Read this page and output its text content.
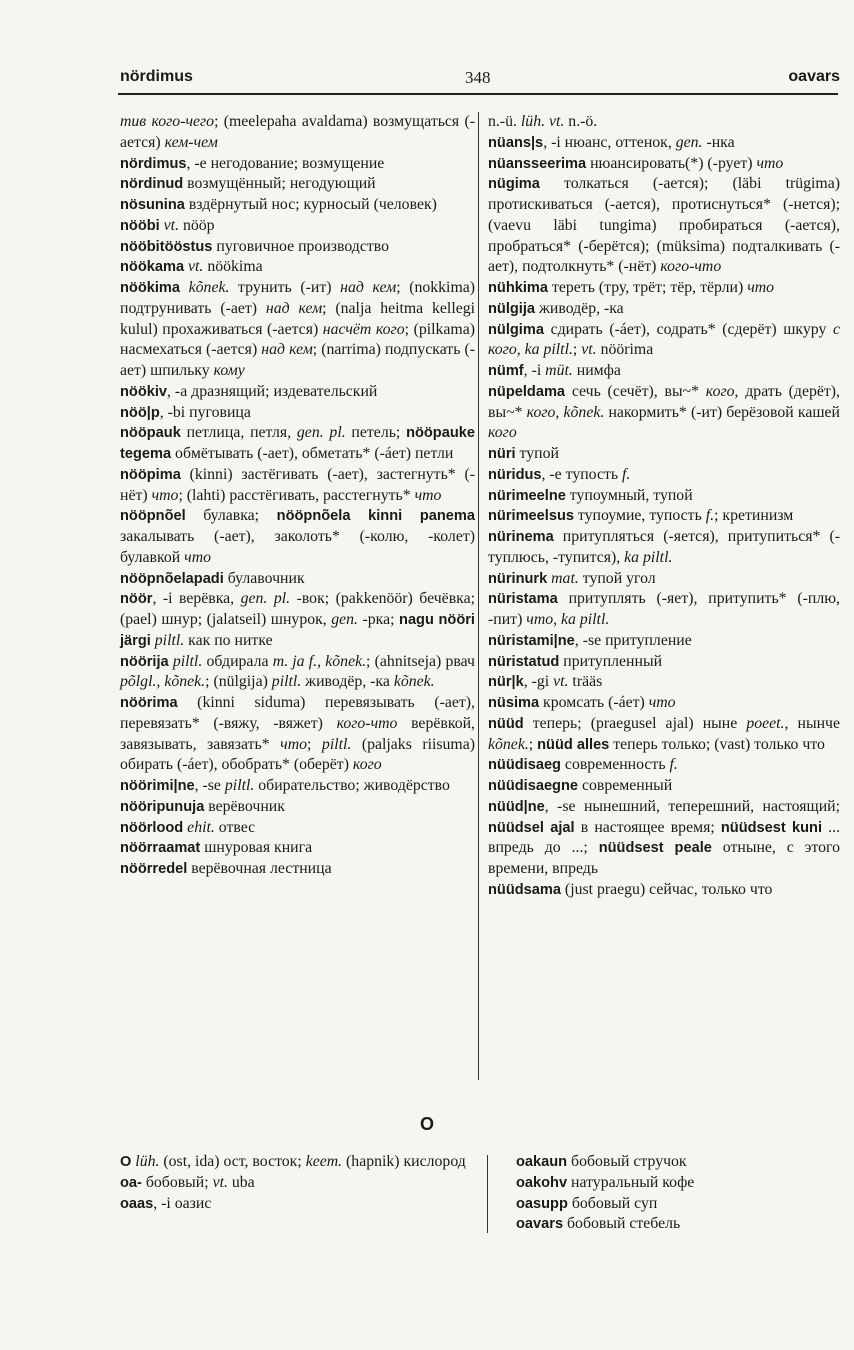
nördimus	348	oavars

тив кого-чего; (meelepaha avaldama) возмущаться (-ается) кем-чем

nördimus, -e негодование; возмущение

nördinud возмущённый; негодующий

nösunina вздёрнутый нос; курносый (человек)

nööbi vt. nööp

nööbitööstus пуговичное производство

nöökama vt. nöökima

nöökima kõnek. трунить (-ит) над кем; (nokkima) подтрунивать (-ает) над кем; (nalja heitma kellegi kulul) прохаживаться (-ается) насчёт кого; (pilkama) насмехаться (-ается) над кем; (narrima) подпускать (-ает) шпильку кому

nöökiv, -a дразнящий; издевательский

nöö|p, -bi пуговица

nööpauk петлица, петля, gen. pl. петель; nööpauke tegema обмётывать (-ает), обметать* (-áет) петли

nööpima (kinni) застёгивать (-ает), застегнуть* (-нёт) что; (lahti) расстёгивать, расстегнуть* что

nööpnõel булавка; nööpnõela kinni panema закалывать (-ает), заколоть* (-колю, -колет) булавкой что

nööpnõelapadi булавочник

nöör, -i верёвка, gen. pl. -вок; (pakkenöör) бечёвка; (pael) шнур; (jalatseil) шнурок, gen. -рка; nagu nööri järgi piltl. как по нитке

nöörija piltl. обдирала m. ja f., kõnek.; (ahnitseja) рвач põlgl., kõnek.; (nülgija) piltl. живодёр, -ка kõnek.

nöörima (kinni siduma) перевязывать (-ает), перевязать* (-вяжу, -вяжет) кого-что верёвкой, завязывать, завязать* что; piltl. (paljaks riisuma) обирать (-áет), обобрать* (оберёт) кого

nöörimi|ne, -se piltl. обирательство; живодёрство

nööripunuja верёвочник

nöörlood ehit. отвес

nöörraamat шнуровая книга

nöörredel верёвочная лестница

n.-ü. lüh. vt. n.-ö.

nüans|s, -i нюанс, оттенок, gen. -нка

nüansseerima нюансировать(*) (-рует) что

nügima толкаться (-ается); (läbi trügima) протискиваться (-ается), протиснуться* (-нется); (vaevu läbi tungima) пробираться (-ается), пробраться* (-берётся); (müksima) подталкивать (-ает), подтолкнуть* (-нёт) кого-что

nühkima тереть (тру, трёт; тёр, тёрли) что

nülgija живодёр, -ка

nülgima сдирать (-áет), содрать* (сдерёт) шкуру с кого, ka piltl.; vt. nöörima

nümf, -i müt. нимфа

nüpeldama сечь (сечёт), вы~* кого, драть (дерёт), вы~* кого, kõnek. накормить* (-ит) берёзовой кашей кого

nüri тупой

nüridus, -e тупость f.

nürimeelne тупоумный, тупой

nürimeelsus тупоумие, тупость f.; кретинизм

nürinema притупляться (-яется), притупиться* (-туплюсь, -тупится), ka piltl.

nürinurk mat. тупой угол

nüristama притуплять (-яет), притупить* (-плю, -пит) что, ka piltl.

nüristami|ne, -se притупление

nüristatud притупленный

nür|k, -gi vt. trääs

nüsima кромсать (-áет) что

nüüd теперь; (praegusel ajal) ныне poeet., нынче kõnek.; nüüd alles теперь только; (vast) только что

nüüdisaeg современность f.

nüüdisaegne современный

nüüd|ne, -se нынешний, теперешний, настоящий; nüüdsel ajal в настоящее время; nüüdsest kuni ... впредь до ...; nüüdsest peale отныне, с этого времени, впредь

nüüdsama (just praegu) сейчас, только что

O

O lüh. (ost, ida) ост, восток; keem. (hapnik) кислород

oa- бобовый; vt. uba

oaas, -i оазис

oakaun бобовый стручок

oakohv натуральный кофе

oasupp бобовый суп

oavars бобовый стебель
